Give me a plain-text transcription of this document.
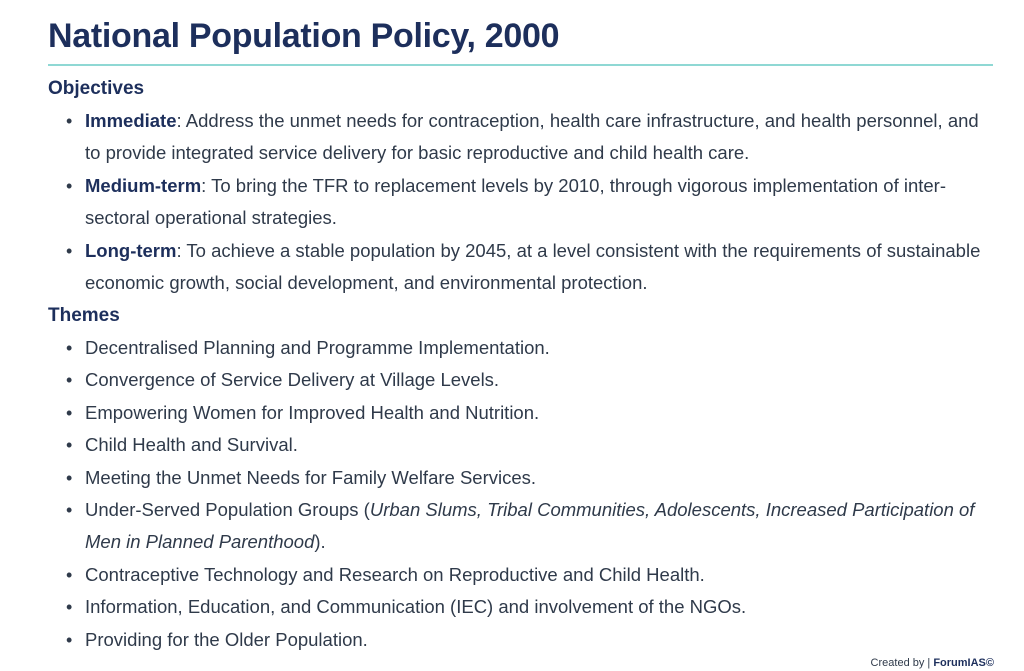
National Population Policy, 2000
Objectives
• Immediate: Address the unmet needs for contraception, health care infrastructure, and health personnel, and to provide integrated service delivery for basic reproductive and child health care.
• Medium-term: To bring the TFR to replacement levels by 2010, through vigorous implementation of inter-sectoral operational strategies.
• Long-term: To achieve a stable population by 2045, at a level consistent with the requirements of sustainable economic growth, social development, and environmental protection.
Themes
• Decentralised Planning and Programme Implementation.
• Convergence of Service Delivery at Village Levels.
• Empowering Women for Improved Health and Nutrition.
• Child Health and Survival.
• Meeting the Unmet Needs for Family Welfare Services.
• Under-Served Population Groups (Urban Slums, Tribal Communities, Adolescents, Increased Participation of Men in Planned Parenthood).
• Contraceptive Technology and Research on Reproductive and Child Health.
• Information, Education, and Communication (IEC) and involvement of the NGOs.
• Providing for the Older Population.
Created by | ForumIAS©
